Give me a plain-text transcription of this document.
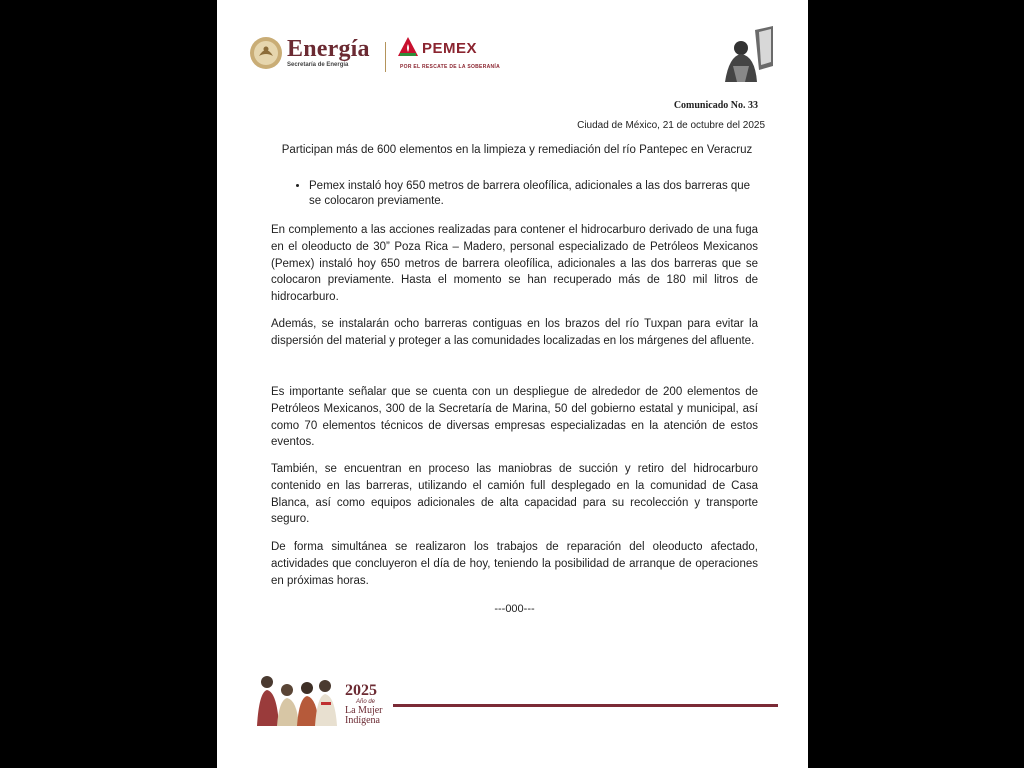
Energía
Secretaría de Energía
PEMEX
POR EL RESCATE DE LA SOBERANÍA
Comunicado No. 33
Ciudad de México, 21 de octubre del 2025
Participan más de 600 elementos en la limpieza y remediación del río Pantepec en Veracruz
• Pemex instaló hoy 650 metros de barrera oleofílica, adicionales a las dos barreras que se colocaron previamente.

En complemento a las acciones realizadas para contener el hidrocarburo derivado de una fuga en el oleoducto de 30” Poza Rica – Madero, personal especializado de Petróleos Mexicanos (Pemex) instaló hoy 650 metros de barrera oleofílica, adicionales a las dos barreras que se colocaron previamente. Hasta el momento se han recuperado más de 180 mil litros de hidrocarburo.

Además, se instalarán ocho barreras contiguas en los brazos del río Tuxpan para evitar la dispersión del material y proteger a las comunidades localizadas en los márgenes del afluente.

Es importante señalar que se cuenta con un despliegue de alrededor de 200 elementos de Petróleos Mexicanos, 300 de la Secretaría de Marina, 50 del gobierno estatal y municipal, así como 70 elementos técnicos de diversas empresas especializadas en la atención de estos eventos.

También, se encuentran en proceso las maniobras de succión y retiro del hidrocarburo contenido en las barreras, utilizando el camión full desplegado en la comunidad de Casa Blanca, así como equipos adicionales de alta capacidad para su recolección y transporte seguro.

De forma simultánea se realizaron los trabajos de reparación del oleoducto afectado, actividades que concluyeron el día de hoy, teniendo la posibilidad de arranque de operaciones en próximas horas.

---000---
2025
Año de
La Mujer
Indígena
